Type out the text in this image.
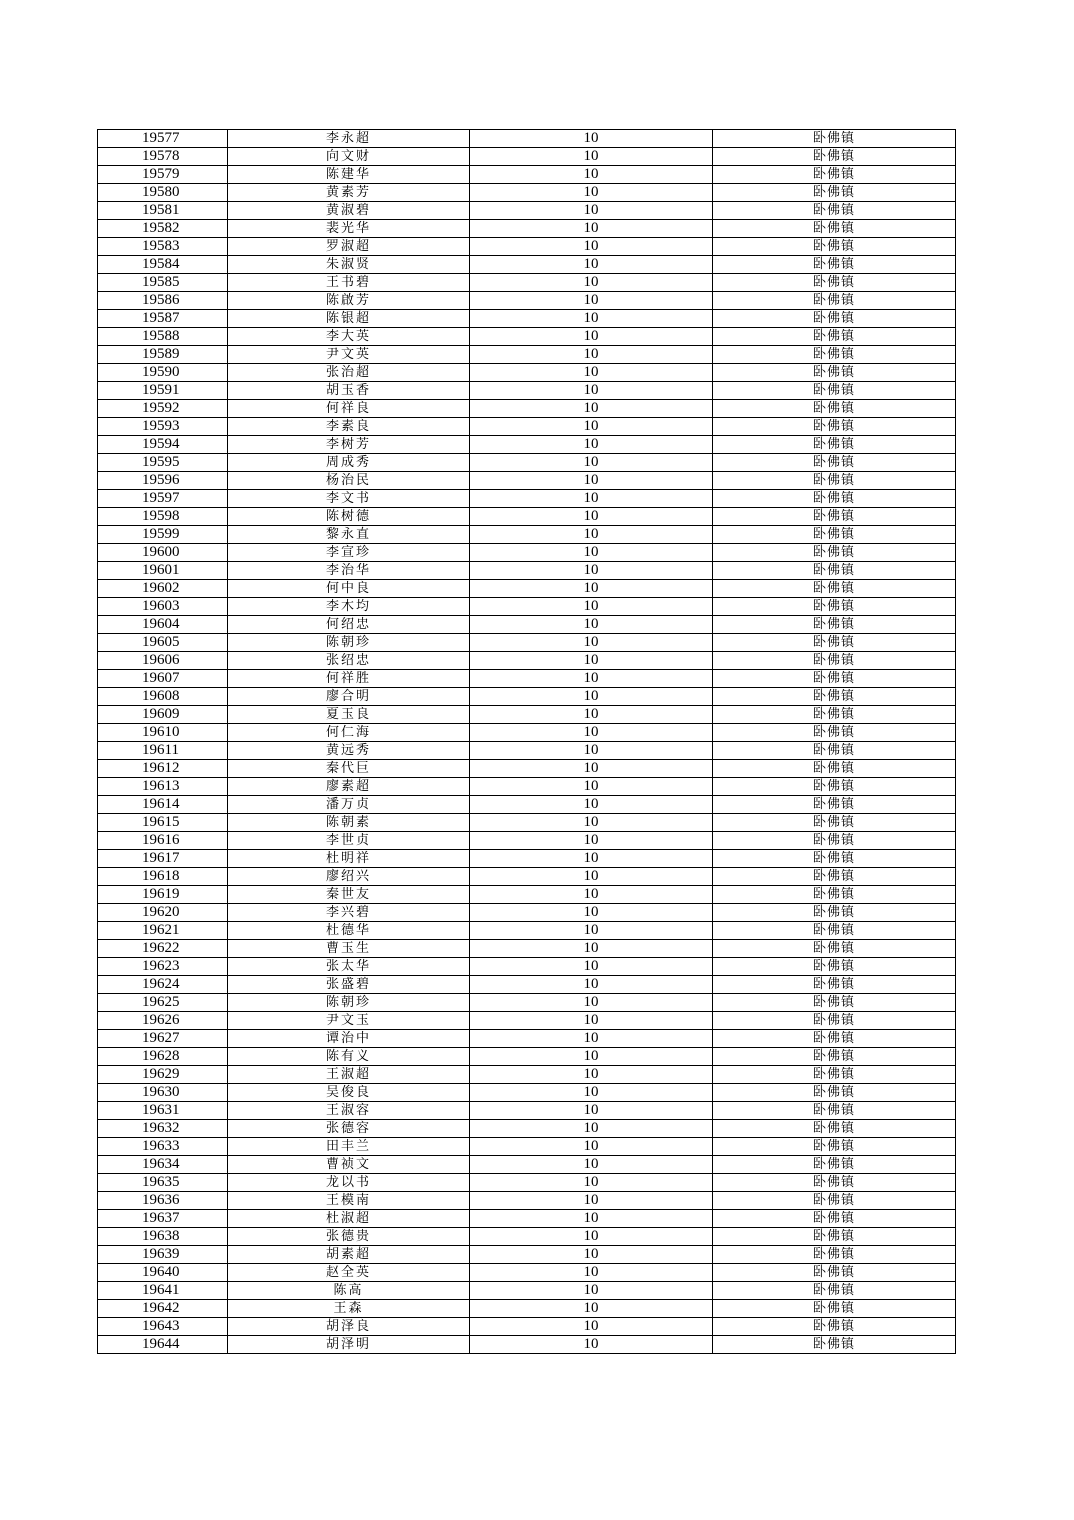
19577	李永超	10	卧佛镇
19578	向文财	10	卧佛镇
19579	陈建华	10	卧佛镇
19580	黄素芳	10	卧佛镇
19581	黄淑碧	10	卧佛镇
19582	裴光华	10	卧佛镇
19583	罗淑超	10	卧佛镇
19584	朱淑贤	10	卧佛镇
19585	王书碧	10	卧佛镇
19586	陈啟芳	10	卧佛镇
19587	陈银超	10	卧佛镇
19588	李大英	10	卧佛镇
19589	尹文英	10	卧佛镇
19590	张治超	10	卧佛镇
19591	胡玉香	10	卧佛镇
19592	何祥良	10	卧佛镇
19593	李素良	10	卧佛镇
19594	李树芳	10	卧佛镇
19595	周成秀	10	卧佛镇
19596	杨治民	10	卧佛镇
19597	李文书	10	卧佛镇
19598	陈树德	10	卧佛镇
19599	黎永直	10	卧佛镇
19600	李宣珍	10	卧佛镇
19601	李治华	10	卧佛镇
19602	何中良	10	卧佛镇
19603	李木均	10	卧佛镇
19604	何绍忠	10	卧佛镇
19605	陈朝珍	10	卧佛镇
19606	张绍忠	10	卧佛镇
19607	何祥胜	10	卧佛镇
19608	廖合明	10	卧佛镇
19609	夏玉良	10	卧佛镇
19610	何仁海	10	卧佛镇
19611	黄远秀	10	卧佛镇
19612	秦代巨	10	卧佛镇
19613	廖素超	10	卧佛镇
19614	潘万贞	10	卧佛镇
19615	陈朝素	10	卧佛镇
19616	李世贞	10	卧佛镇
19617	杜明祥	10	卧佛镇
19618	廖绍兴	10	卧佛镇
19619	秦世友	10	卧佛镇
19620	李兴碧	10	卧佛镇
19621	杜德华	10	卧佛镇
19622	曹玉生	10	卧佛镇
19623	张太华	10	卧佛镇
19624	张盛碧	10	卧佛镇
19625	陈朝珍	10	卧佛镇
19626	尹文玉	10	卧佛镇
19627	谭治中	10	卧佛镇
19628	陈有义	10	卧佛镇
19629	王淑超	10	卧佛镇
19630	吴俊良	10	卧佛镇
19631	王淑容	10	卧佛镇
19632	张德容	10	卧佛镇
19633	田丰兰	10	卧佛镇
19634	曹祯文	10	卧佛镇
19635	龙以书	10	卧佛镇
19636	王模南	10	卧佛镇
19637	杜淑超	10	卧佛镇
19638	张德贵	10	卧佛镇
19639	胡素超	10	卧佛镇
19640	赵全英	10	卧佛镇
19641	陈高	10	卧佛镇
19642	王森	10	卧佛镇
19643	胡泽良	10	卧佛镇
19644	胡泽明	10	卧佛镇
